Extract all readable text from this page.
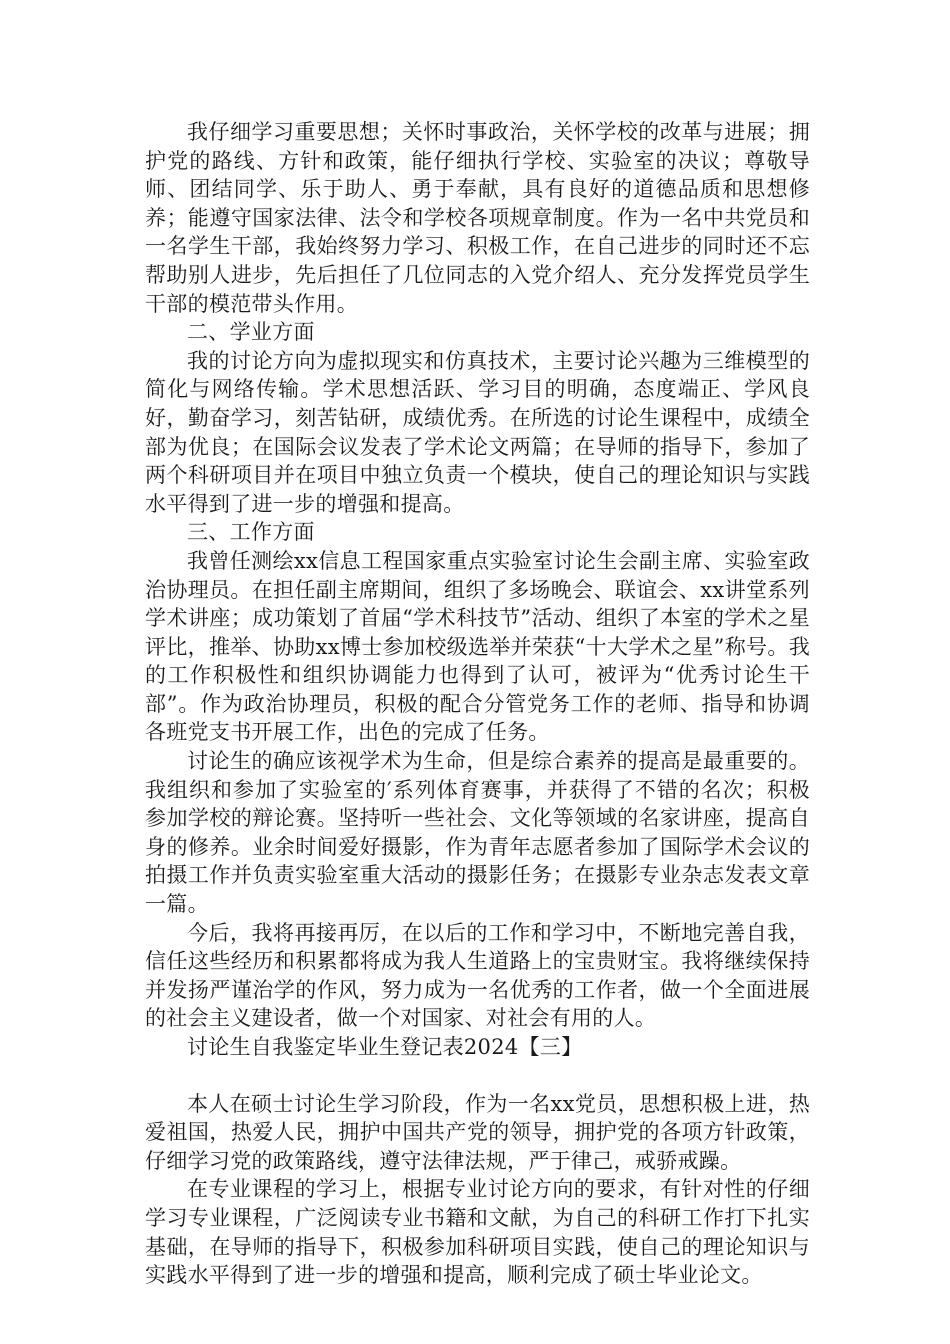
我仔细学习重要思想；关怀时事政治，关怀学校的改革与进展；拥护党的路线、方针和政策，能仔细执行学校、实验室的决议；尊敬导师、团结同学、乐于助人、勇于奉献，具有良好的道德品质和思想修养；能遵守国家法律、法令和学校各项规章制度。作为一名中共党员和一名学生干部，我始终努力学习、积极工作，在自己进步的同时还不忘帮助别人进步，先后担任了几位同志的入党介绍人、充分发挥党员学生干部的模范带头作用。

二、学业方面

我的讨论方向为虚拟现实和仿真技术，主要讨论兴趣为三维模型的简化与网络传输。学术思想活跃、学习目的明确，态度端正、学风良好，勤奋学习，刻苦钻研，成绩优秀。在所选的讨论生课程中，成绩全部为优良；在国际会议发表了学术论文两篇；在导师的指导下，参加了两个科研项目并在项目中独立负责一个模块，使自己的理论知识与实践水平得到了进一步的增强和提高。

三、工作方面

我曾任测绘xx信息工程国家重点实验室讨论生会副主席、实验室政治协理员。在担任副主席期间，组织了多场晚会、联谊会、xx讲堂系列学术讲座；成功策划了首届“学术科技节”活动、组织了本室的学术之星评比，推举、协助xx博士参加校级选举并荣获“十大学术之星”称号。我的工作积极性和组织协调能力也得到了认可，被评为“优秀讨论生干部”。作为政治协理员，积极的配合分管党务工作的老师、指导和协调各班党支书开展工作，出色的完成了任务。

讨论生的确应该视学术为生命，但是综合素养的提高是最重要的。我组织和参加了实验室的′系列体育赛事，并获得了不错的名次；积极参加学校的辩论赛。坚持听一些社会、文化等领域的名家讲座，提高自身的修养。业余时间爱好摄影，作为青年志愿者参加了国际学术会议的拍摄工作并负责实验室重大活动的摄影任务；在摄影专业杂志发表文章一篇。

今后，我将再接再厉，在以后的工作和学习中，不断地完善自我，信任这些经历和积累都将成为我人生道路上的宝贵财宝。我将继续保持并发扬严谨治学的作风，努力成为一名优秀的工作者，做一个全面进展的社会主义建设者，做一个对国家、对社会有用的人。

讨论生自我鉴定毕业生登记表2024【三】

本人在硕士讨论生学习阶段，作为一名xx党员，思想积极上进，热爱祖国，热爱人民，拥护中国共产党的领导，拥护党的各项方针政策，仔细学习党的政策路线，遵守法律法规，严于律己，戒骄戒躁。

在专业课程的学习上，根据专业讨论方向的要求，有针对性的仔细学习专业课程，广泛阅读专业书籍和文献，为自己的科研工作打下扎实基础，在导师的指导下，积极参加科研项目实践，使自己的理论知识与实践水平得到了进一步的增强和提高，顺利完成了硕士毕业论文。
